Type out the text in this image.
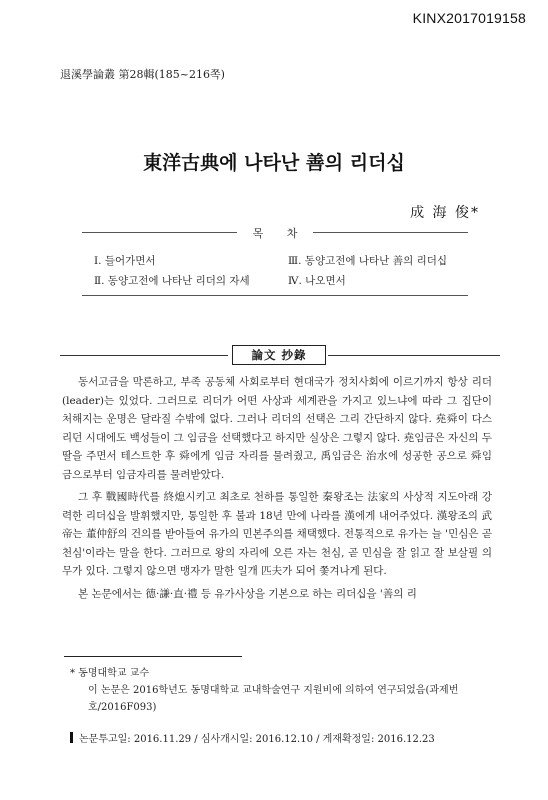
KINX2017019158
退溪學論叢 第28輯(185~216쪽)
東洋古典에 나타난 善의 리더십
成 海 俊*
목 차
Ⅰ. 들어가면서
Ⅱ. 동양고전에 나타난 리더의 자세
Ⅲ. 동양고전에 나타난 善의 리더십
Ⅳ. 나오면서
論文 抄錄

동서고금을 막론하고, 부족 공동체 사회로부터 현대국가 정치사회에 이르기까지 항상 리더(leader)는 있었다. 그러므로 리더가 어떤 사상과 세계관을 가지고 있느냐에 따라 그 집단이 처해지는 운명은 달라질 수밖에 없다. 그러나 리더의 선택은 그리 간단하지 않다. 堯舜이 다스리던 시대에도 백성들이 그 임금을 선택했다고 하지만 실상은 그렇지 않다. 堯임금은 자신의 두 딸을 주면서 테스트한 후 舜에게 임금 자리를 물려줬고, 禹임금은 治水에 성공한 공으로 舜임금으로부터 임금자리를 물려받았다.

그 후 戰國時代를 終熄시키고 최초로 천하를 통일한 秦왕조는 法家의 사상적 지도아래 강력한 리더십을 발휘했지만, 통일한 후 불과 18년 만에 나라를 漢에게 내어주었다. 漢왕조의 武帝는 董仲舒의 건의를 받아들여 유가의 민본주의를 채택했다. 전통적으로 유가는 늘 '민심은 곧 천심'이라는 말을 한다. 그러므로 왕의 자리에 오른 자는 천심, 곧 민심을 잘 읽고 잘 보살필 의무가 있다. 그렇지 않으면 맹자가 말한 일개 匹夫가 되어 쫓겨나게 된다.

본 논문에서는 德·謙·直·禮 등 유가사상을 기본으로 하는 리더십을 '善의 리

* 동명대학교 교수
이 논문은 2016학년도 동명대학교 교내학술연구 지원비에 의하여 연구되었음(과제번호/2016F093)
논문투고일: 2016.11.29 / 심사개시일: 2016.12.10 / 게재확정일: 2016.12.23
